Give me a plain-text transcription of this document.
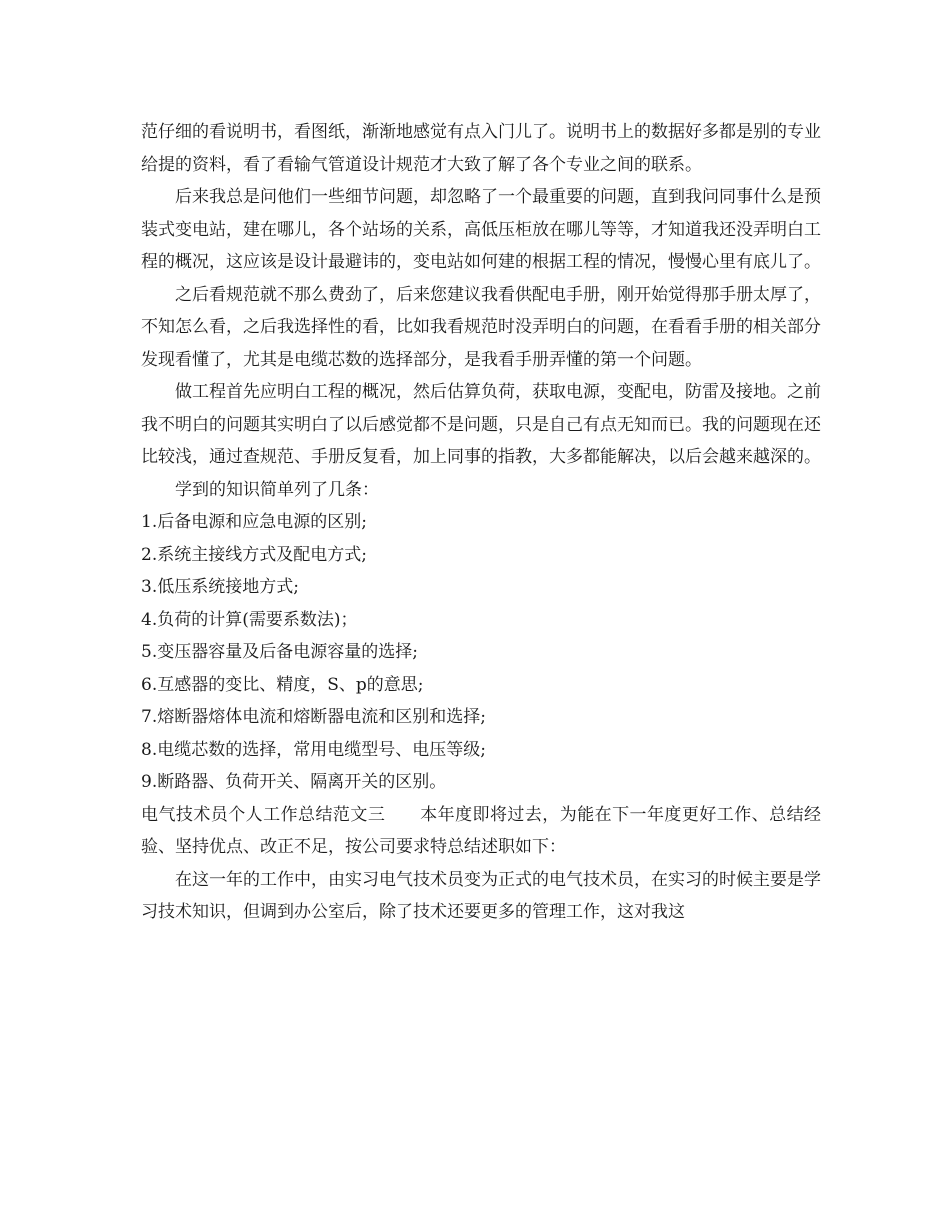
范仔细的看说明书，看图纸，渐渐地感觉有点入门儿了。说明书上的数据好多都是别的专业给提的资料，看了看输气管道设计规范才大致了解了各个专业之间的联系。

后来我总是问他们一些细节问题，却忽略了一个最重要的问题，直到我问同事什么是预装式变电站，建在哪儿，各个站场的关系，高低压柜放在哪儿等等，才知道我还没弄明白工程的概况，这应该是设计最避讳的，变电站如何建的根据工程的情况，慢慢心里有底儿了。

之后看规范就不那么费劲了，后来您建议我看供配电手册，刚开始觉得那手册太厚了，不知怎么看，之后我选择性的看，比如我看规范时没弄明白的问题，在看看手册的相关部分发现看懂了，尤其是电缆芯数的选择部分，是我看手册弄懂的第一个问题。

做工程首先应明白工程的概况，然后估算负荷，获取电源，变配电，防雷及接地。之前我不明白的问题其实明白了以后感觉都不是问题，只是自己有点无知而已。我的问题现在还比较浅，通过查规范、手册反复看，加上同事的指教，大多都能解决，以后会越来越深的。

学到的知识简单列了几条：

1.后备电源和应急电源的区别;

2.系统主接线方式及配电方式;

3.低压系统接地方式;

4.负荷的计算(需要系数法)；

5.变压器容量及后备电源容量的选择;

6.互感器的变比、精度，S、p的意思;

7.熔断器熔体电流和熔断器电流和区别和选择;

8.电缆芯数的选择，常用电缆型号、电压等级;

9.断路器、负荷开关、隔离开关的区别。

电气技术员个人工作总结范文三　　 本年度即将过去，为能在下一年度更好工作、总结经验、坚持优点、改正不足，按公司要求特总结述职如下：

在这一年的工作中，由实习电气技术员变为正式的电气技术员，在实习的时候主要是学习技术知识，但调到办公室后，除了技术还要更多的管理工作，这对我这
